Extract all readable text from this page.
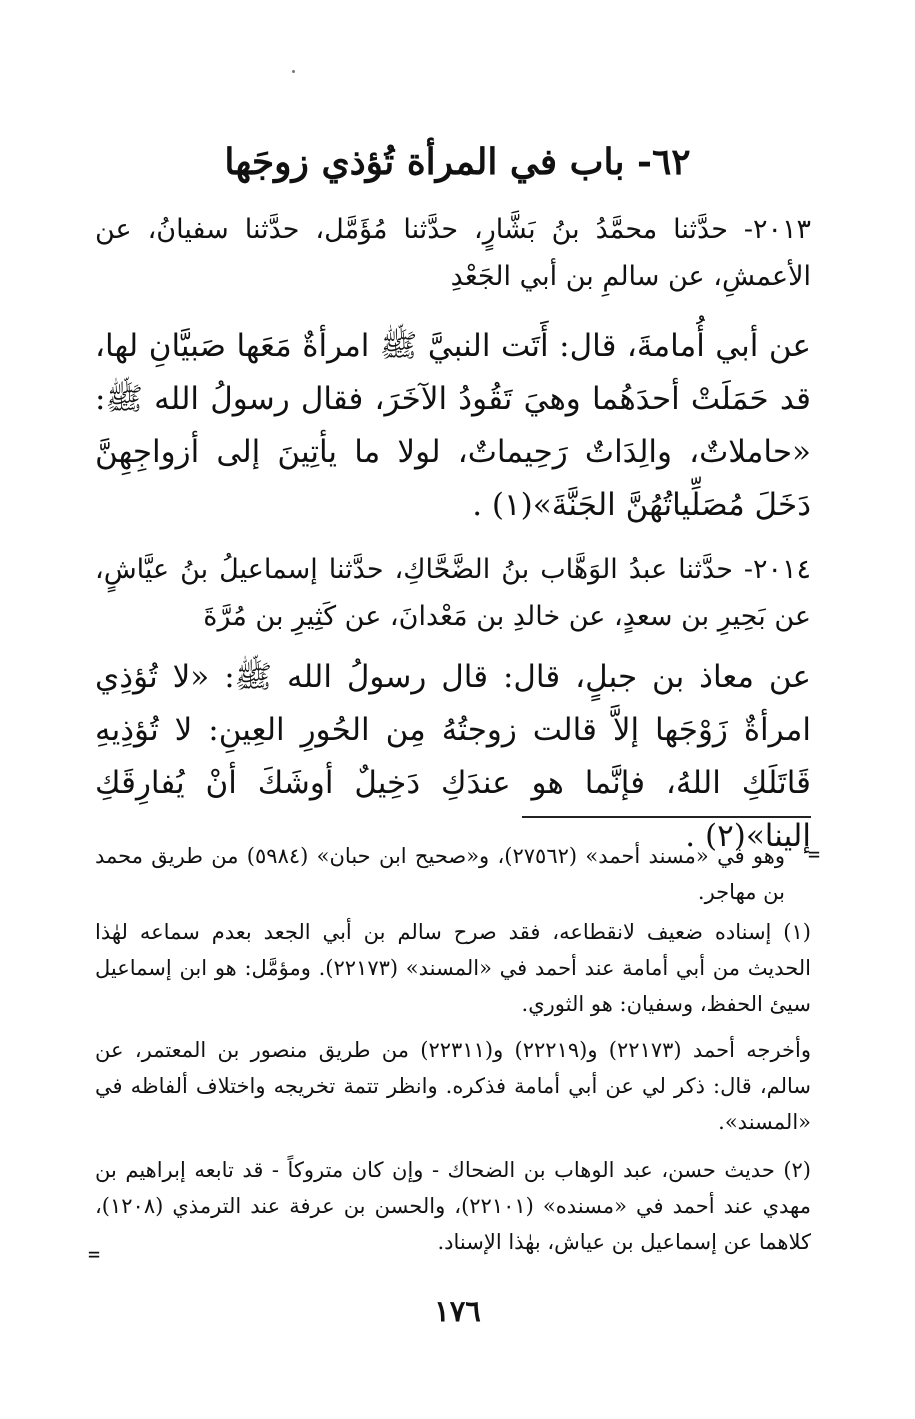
٦٢- باب في المرأة تُؤذي زوجَها
٢٠١٣- حدَّثنا محمَّدُ بنُ بَشَّارٍ، حدَّثنا مُؤَمَّل، حدَّثنا سفيانُ، عن الأعمشِ، عن سالمِ بن أبي الجَعْدِ
عن أبي أُمامةَ، قال: أَتَت النبيَّ ﷺ امرأةٌ مَعَها صَبيَّانِ لها، قد حَمَلَتْ أحدَهُما وهيَ تَقُودُ الآخَرَ، فقال رسولُ الله ﷺ: «حاملاتٌ، والِدَاتٌ رَحِيماتٌ، لولا ما يأتِينَ إلى أزواجِهِنَّ دَخَلَ مُصَلِّياتُهُنَّ الجَنَّةَ»(١) .
٢٠١٤- حدَّثنا عبدُ الوَهَّاب بنُ الضَّحَّاكِ، حدَّثنا إسماعيلُ بنُ عيَّاشٍ، عن بَحِيرِ بن سعدٍ، عن خالدِ بن مَعْدانَ، عن كَثِيرِ بن مُرَّةَ
عن معاذ بن جبلٍ، قال: قال رسولُ الله ﷺ: «لا تُؤذِي امرأةٌ زَوْجَها إلاَّ قالت زوجتُهُ مِن الحُورِ العِينِ: لا تُؤذِيهِ قَاتَلَكِ اللهُ، فإنَّما هو عندَكِ دَخِيلٌ أوشَكَ أنْ يُفارِقَكِ إلينا»(٢) .
=
وهو في «مسند أحمد» (٢٧٥٦٢)، و«صحيح ابن حبان» (٥٩٨٤) من طريق محمد بن مهاجر.
(١) إسناده ضعيف لانقطاعه، فقد صرح سالم بن أبي الجعد بعدم سماعه لهٰذا الحديث من أبي أمامة عند أحمد في «المسند» (٢٢١٧٣). ومؤمَّل: هو ابن إسماعيل سيئ الحفظ، وسفيان: هو الثوري.
وأخرجه أحمد (٢٢١٧٣) و(٢٢٢١٩) و(٢٢٣١١) من طريق منصور بن المعتمر، عن سالم، قال: ذكر لي عن أبي أمامة فذكره. وانظر تتمة تخريجه واختلاف ألفاظه في «المسند».
(٢) حديث حسن، عبد الوهاب بن الضحاك - وإن كان متروكاً - قد تابعه إبراهيم بن مهدي عند أحمد في «مسنده» (٢٢١٠١)، والحسن بن عرفة عند الترمذي (١٢٠٨)، كلاهما عن إسماعيل بن عياش، بهٰذا الإسناد.
=
١٧٦
